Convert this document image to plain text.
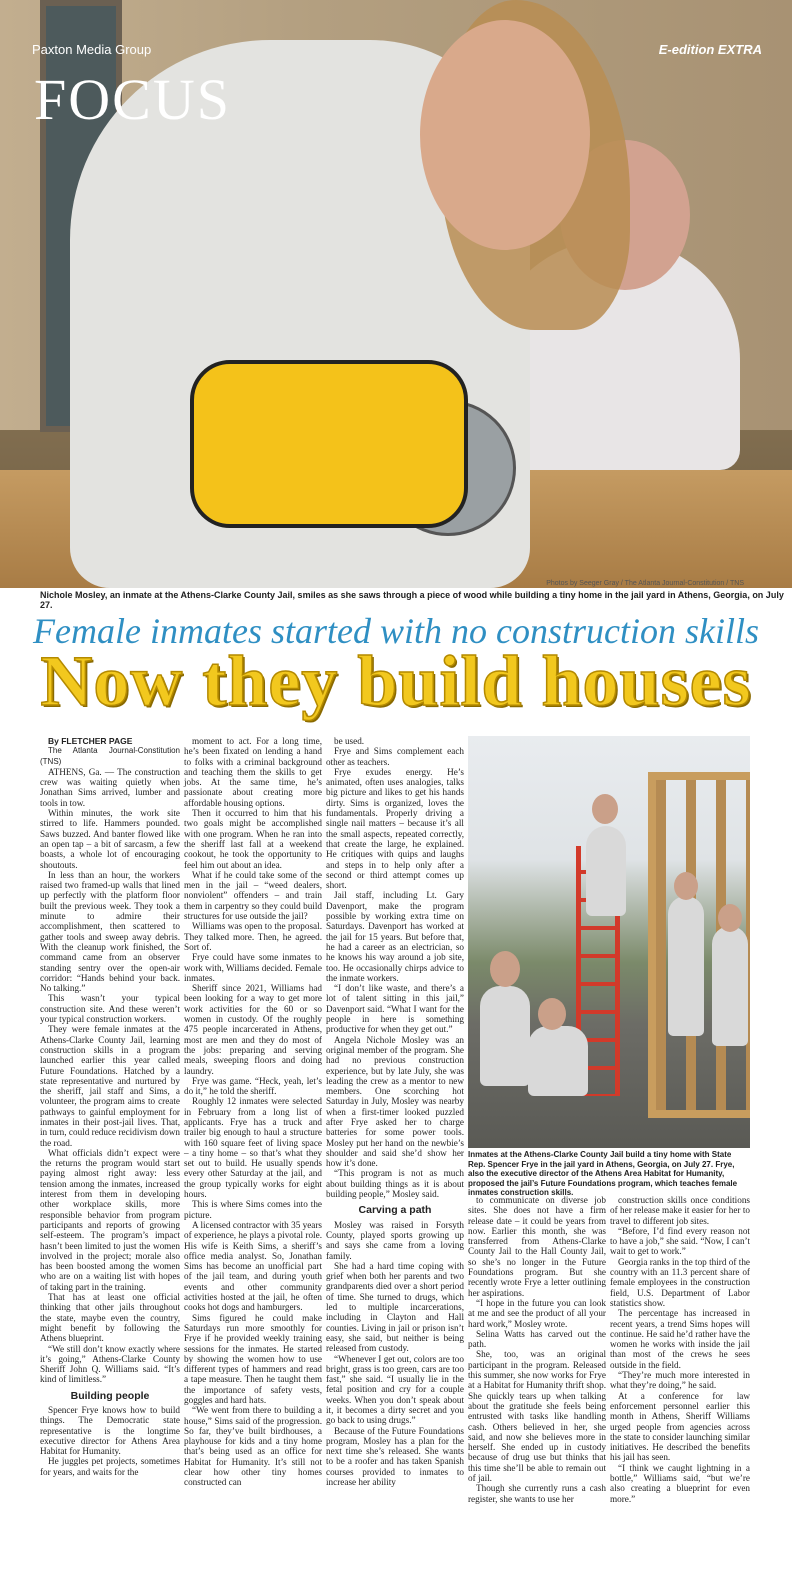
Paxton Media Group	E-edition EXTRA
FOCUS
Photos by Seeger Gray / The Atlanta Journal-Constitution / TNS
Nichole Mosley, an inmate at the Athens-Clarke County Jail, smiles as she saws through a piece of wood while building a tiny home in the jail yard in Athens, Georgia, on July 27.
Female inmates started with no construction skills
Now they build houses

By FLETCHER PAGE

The Atlanta Journal-Constitution (TNS)

ATHENS, Ga. — The construction crew was waiting quietly when Jonathan Sims arrived, lumber and tools in tow.

Within minutes, the work site stirred to life. Hammers pounded. Saws buzzed. And banter flowed like an open tap – a bit of sarcasm, a few boasts, a whole lot of encouraging shoutouts.

In less than an hour, the workers raised two framed-up walls that lined up perfectly with the platform floor built the previous week. They took a minute to admire their accomplishment, then scattered to gather tools and sweep away debris. With the cleanup work finished, the command came from an observer standing sentry over the open-air corridor: “Hands behind your back. No talking.”

This wasn’t your typical construction site. And these weren’t your typical construction workers.

They were female inmates at the Athens-Clarke County Jail, learning construction skills in a program launched earlier this year called Future Foundations. Hatched by a state representative and nurtured by the sheriff, jail staff and Sims, a volunteer, the program aims to create pathways to gainful employment for inmates in their post-jail lives. That, in turn, could reduce recidivism down the road.

What officials didn’t expect were the returns the program would start paying almost right away: less tension among the inmates, increased interest from them in developing other workplace skills, more responsible behavior from program participants and reports of growing self-esteem. The program’s impact hasn’t been limited to just the women involved in the project; morale also has been boosted among the women who are on a waiting list with hopes of taking part in the training.

That has at least one official thinking that other jails throughout the state, maybe even the country, might benefit by following the Athens blueprint.

“We still don’t know exactly where it’s going,” Athens-Clarke County Sheriff John Q. Williams said. “It’s kind of limitless.”

Building people

Spencer Frye knows how to build things. The Democratic state representative is the longtime executive director for Athens Area Habitat for Humanity.

He juggles pet projects, sometimes for years, and waits for the

moment to act. For a long time, he’s been fixated on lending a hand to folks with a criminal background and teaching them the skills to get jobs. At the same time, he’s passionate about creating more affordable housing options.

Then it occurred to him that his two goals might be accomplished with one program. When he ran into the sheriff last fall at a weekend cookout, he took the opportunity to feel him out about an idea.

What if he could take some of the men in the jail – “weed dealers, nonviolent” offenders – and train them in carpentry so they could build structures for use outside the jail?

Williams was open to the proposal. They talked more. Then, he agreed. Sort of.

Frye could have some inmates to work with, Williams decided. Female inmates.

Sheriff since 2021, Williams had been looking for a way to get more work activities for the 60 or so women in custody. Of the roughly 475 people incarcerated in Athens, most are men and they do most of the jobs: preparing and serving meals, sweeping floors and doing laundry.

Frye was game. “Heck, yeah, let’s do it,” he told the sheriff.

Roughly 12 inmates were selected in February from a long list of applicants. Frye has a truck and trailer big enough to haul a structure with 160 square feet of living space – a tiny home – so that’s what they set out to build. He usually spends every other Saturday at the jail, and the group typically works for eight hours.

This is where Sims comes into the picture.

A licensed contractor with 35 years of experience, he plays a pivotal role. His wife is Keith Sims, a sheriff’s office media analyst. So, Jonathan Sims has become an unofficial part of the jail team, and during youth events and other community activities hosted at the jail, he often cooks hot dogs and hamburgers.

Sims figured he could make Saturdays run more smoothly for Frye if he provided weekly training sessions for the inmates. He started by showing the women how to use different types of hammers and read a tape measure. Then he taught them the importance of safety vests, goggles and hard hats.

“We went from there to building a house,” Sims said of the progression. So far, they’ve built birdhouses, a playhouse for kids and a tiny home that’s being used as an office for Habitat for Humanity. It’s still not clear how other tiny homes constructed can

be used.

Frye and Sims complement each other as teachers.

Frye exudes energy. He’s animated, often uses analogies, talks big picture and likes to get his hands dirty. Sims is organized, loves the fundamentals. Properly driving a single nail matters – because it’s all the small aspects, repeated correctly, that create the large, he explained. He critiques with quips and laughs and steps in to help only after a second or third attempt comes up short.

Jail staff, including Lt. Gary Davenport, make the program possible by working extra time on Saturdays. Davenport has worked at the jail for 15 years. But before that, he had a career as an electrician, so he knows his way around a job site, too. He occasionally chirps advice to the inmate workers.

“I don’t like waste, and there’s a lot of talent sitting in this jail,” Davenport said. “What I want for the people in here is something productive for when they get out.”

Angela Nichole Mosley was an original member of the program. She had no previous construction experience, but by late July, she was leading the crew as a mentor to new members. One scorching hot Saturday in July, Mosley was nearby when a first-timer looked puzzled after Frye asked her to charge batteries for some power tools. Mosley put her hand on the newbie’s shoulder and said she’d show her how it’s done.

“This program is not as much about building things as it is about building people,” Mosley said.

Carving a path

Mosley was raised in Forsyth County, played sports growing up and says she came from a loving family.

She had a hard time coping with grief when both her parents and two grandparents died over a short period of time. She turned to drugs, which led to multiple incarcerations, including in Clayton and Hall counties. Living in jail or prison isn’t easy, she said, but neither is being released from custody.

“Whenever I get out, colors are too bright, grass is too green, cars are too fast,” she said. “I usually lie in the fetal position and cry for a couple weeks. When you don’t speak about it, it becomes a dirty secret and you go back to using drugs.”

Because of the Future Foundations program, Mosley has a plan for the next time she’s released. She wants to be a roofer and has taken Spanish courses provided to inmates to increase her ability

Inmates at the Athens-Clarke County Jail build a tiny home with State Rep. Spencer Frye in the jail yard in Athens, Georgia, on July 27. Frye, also the executive director of the Athens Area Habitat for Humanity, proposed the jail’s Future Foundations program, which teaches female inmates construction skills.

to communicate on diverse job sites. She does not have a firm release date – it could be years from now. Earlier this month, she was transferred from Athens-Clarke County Jail to the Hall County Jail, so she’s no longer in the Future Foundations program. But she recently wrote Frye a letter outlining her aspirations.

“I hope in the future you can look at me and see the product of all your hard work,” Mosley wrote.

Selina Watts has carved out the path.

She, too, was an original participant in the program. Released this summer, she now works for Frye at a Habitat for Humanity thrift shop. She quickly tears up when talking about the gratitude she feels being entrusted with tasks like handling cash. Others believed in her, she said, and now she believes more in herself. She ended up in custody because of drug use but thinks that this time she’ll be able to remain out of jail.

Though she currently runs a cash register, she wants to use her

construction skills once conditions of her release make it easier for her to travel to different job sites.

“Before, I’d find every reason not to have a job,” she said. “Now, I can’t wait to get to work.”

Georgia ranks in the top third of the country with an 11.3 percent share of female employees in the construction field, U.S. Department of Labor statistics show.

The percentage has increased in recent years, a trend Sims hopes will continue. He said he’d rather have the women he works with inside the jail than most of the crews he sees outside in the field.

“They’re much more interested in what they’re doing,” he said.

At a conference for law enforcement personnel earlier this month in Athens, Sheriff Williams urged people from agencies across the state to consider launching similar initiatives. He described the benefits his jail has seen.

“I think we caught lightning in a bottle,” Williams said, “but we’re also creating a blueprint for even more.”
